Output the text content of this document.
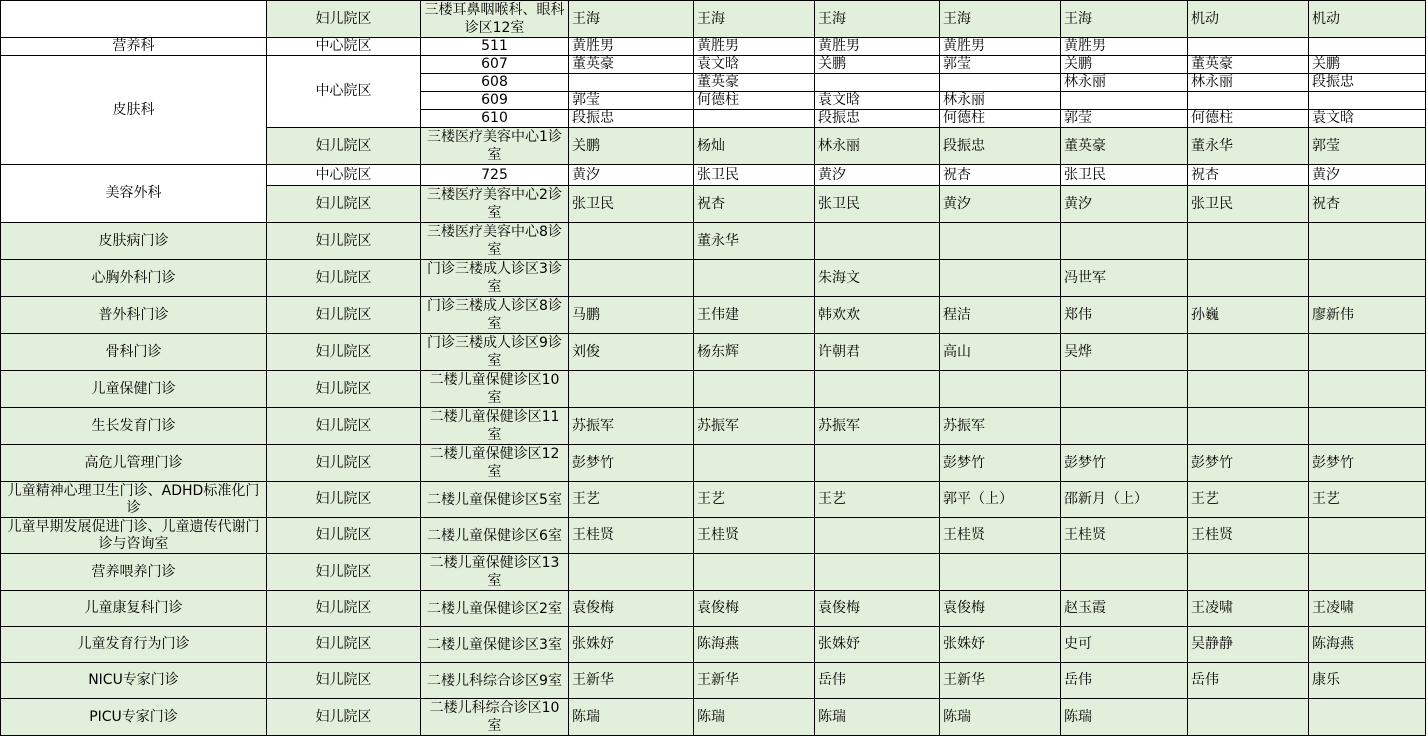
	妇儿院区	三楼耳鼻咽喉科、眼科诊区12室	王海	王海	王海	王海	王海	机动	机动
营养科	中心院区	511	黄胜男	黄胜男	黄胜男	黄胜男	黄胜男		
皮肤科	中心院区	607	董英豪	袁文晗	关鹏	郭莹	关鹏	董英豪	关鹏
		608		董英豪			林永丽	林永丽	段振忠
		609	郭莹	何德柱	袁文晗	林永丽			
		610	段振忠		段振忠	何德柱	郭莹	何德柱	袁文晗
	妇儿院区	三楼医疗美容中心1诊室	关鹏	杨灿	林永丽	段振忠	董英豪	董永华	郭莹
美容外科	中心院区	725	黄汐	张卫民	黄汐	祝杏	张卫民	祝杏	黄汐
	妇儿院区	三楼医疗美容中心2诊室	张卫民	祝杏	张卫民	黄汐	黄汐	张卫民	祝杏
皮肤病门诊	妇儿院区	三楼医疗美容中心8诊室		董永华					
心胸外科门诊	妇儿院区	门诊三楼成人诊区3诊室			朱海文		冯世军		
普外科门诊	妇儿院区	门诊三楼成人诊区8诊室	马鹏	王伟建	韩欢欢	程洁	郑伟	孙巍	廖新伟
骨科门诊	妇儿院区	门诊三楼成人诊区9诊室	刘俊	杨东辉	许朝君	高山	吴烨		
儿童保健门诊	妇儿院区	二楼儿童保健诊区10室							
生长发育门诊	妇儿院区	二楼儿童保健诊区11室	苏振军	苏振军	苏振军	苏振军			
高危儿管理门诊	妇儿院区	二楼儿童保健诊区12室	彭梦竹			彭梦竹	彭梦竹	彭梦竹	彭梦竹
儿童精神心理卫生门诊、ADHD标准化门诊	妇儿院区	二楼儿童保健诊区5室	王艺	王艺	王艺	郭平（上）	邵新月（上）	王艺	王艺
儿童早期发展促进门诊、儿童遗传代谢门诊与咨询室	妇儿院区	二楼儿童保健诊区6室	王桂贤	王桂贤		王桂贤	王桂贤	王桂贤	
营养喂养门诊	妇儿院区	二楼儿童保健诊区13室							
儿童康复科门诊	妇儿院区	二楼儿童保健诊区2室	袁俊梅	袁俊梅	袁俊梅	袁俊梅	赵玉霞	王凌啸	王凌啸
儿童发育行为门诊	妇儿院区	二楼儿童保健诊区3室	张姝妤	陈海燕	张姝妤	张姝妤	史可	吴静静	陈海燕
NICU专家门诊	妇儿院区	二楼儿科综合诊区9室	王新华	王新华	岳伟	王新华	岳伟	岳伟	康乐
PICU专家门诊	妇儿院区	二楼儿科综合诊区10室	陈瑞	陈瑞	陈瑞	陈瑞	陈瑞		
